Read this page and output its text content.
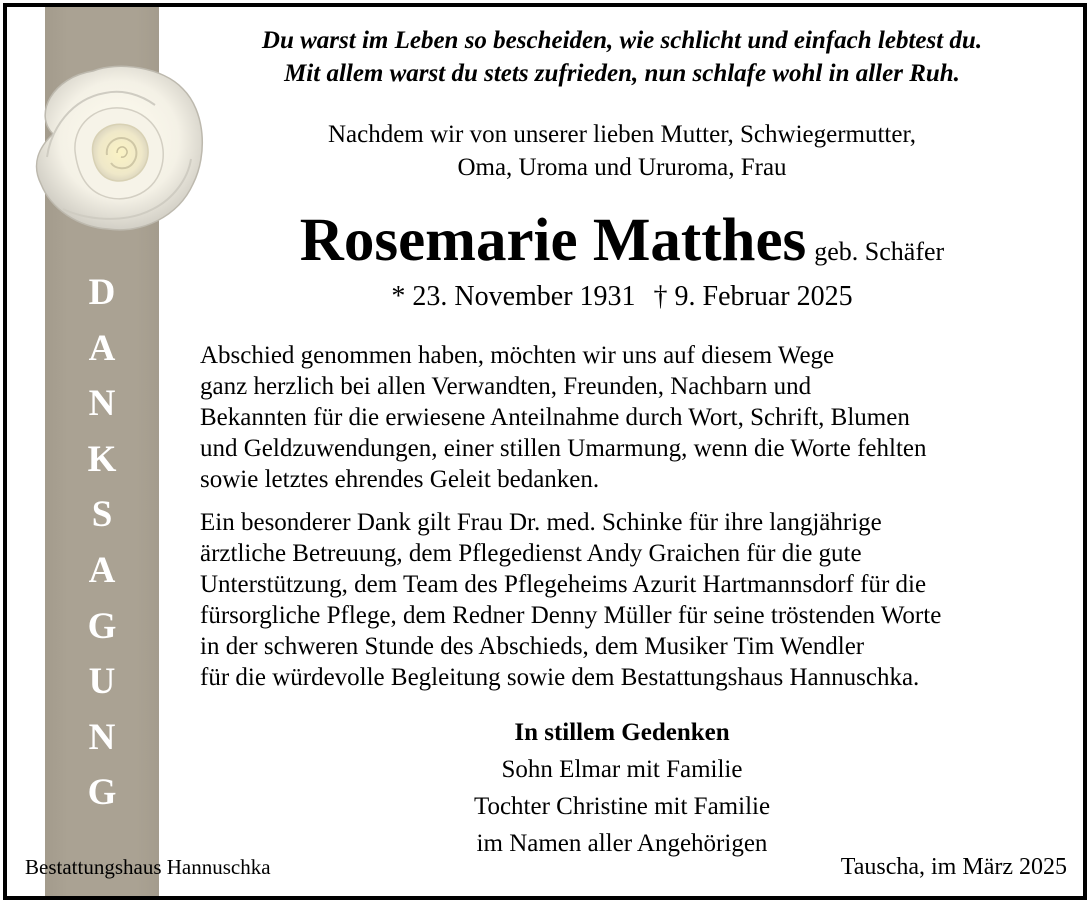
D
A
N
K
S
A
G
U
N
G
Du warst im Leben so bescheiden, wie schlicht und einfach lebtest du.
Mit allem warst du stets zufrieden, nun schlafe wohl in aller Ruh.
Nachdem wir von unserer lieben Mutter, Schwiegermutter,
Oma, Uroma und Ururoma, Frau
Rosemarie Matthes geb. Schäfer
* 23. November 1931 † 9. Februar 2025
Abschied genommen haben, möchten wir uns auf diesem Wege
ganz herzlich bei allen Verwandten, Freunden, Nachbarn und
Bekannten für die erwiesene Anteilnahme durch Wort, Schrift, Blumen
und Geldzuwendungen, einer stillen Umarmung, wenn die Worte fehlten
sowie letztes ehrendes Geleit bedanken.
Ein besonderer Dank gilt Frau Dr. med. Schinke für ihre langjährige
ärztliche Betreuung, dem Pflegedienst Andy Graichen für die gute
Unterstützung, dem Team des Pflegeheims Azurit Hartmannsdorf für die
fürsorgliche Pflege, dem Redner Denny Müller für seine tröstenden Worte
in der schweren Stunde des Abschieds, dem Musiker Tim Wendler
für die würdevolle Begleitung sowie dem Bestattungshaus Hannuschka.
In stillem Gedenken
Sohn Elmar mit Familie
Tochter Christine mit Familie
im Namen aller Angehörigen
Bestattungshaus Hannuschka	Tauscha, im März 2025
